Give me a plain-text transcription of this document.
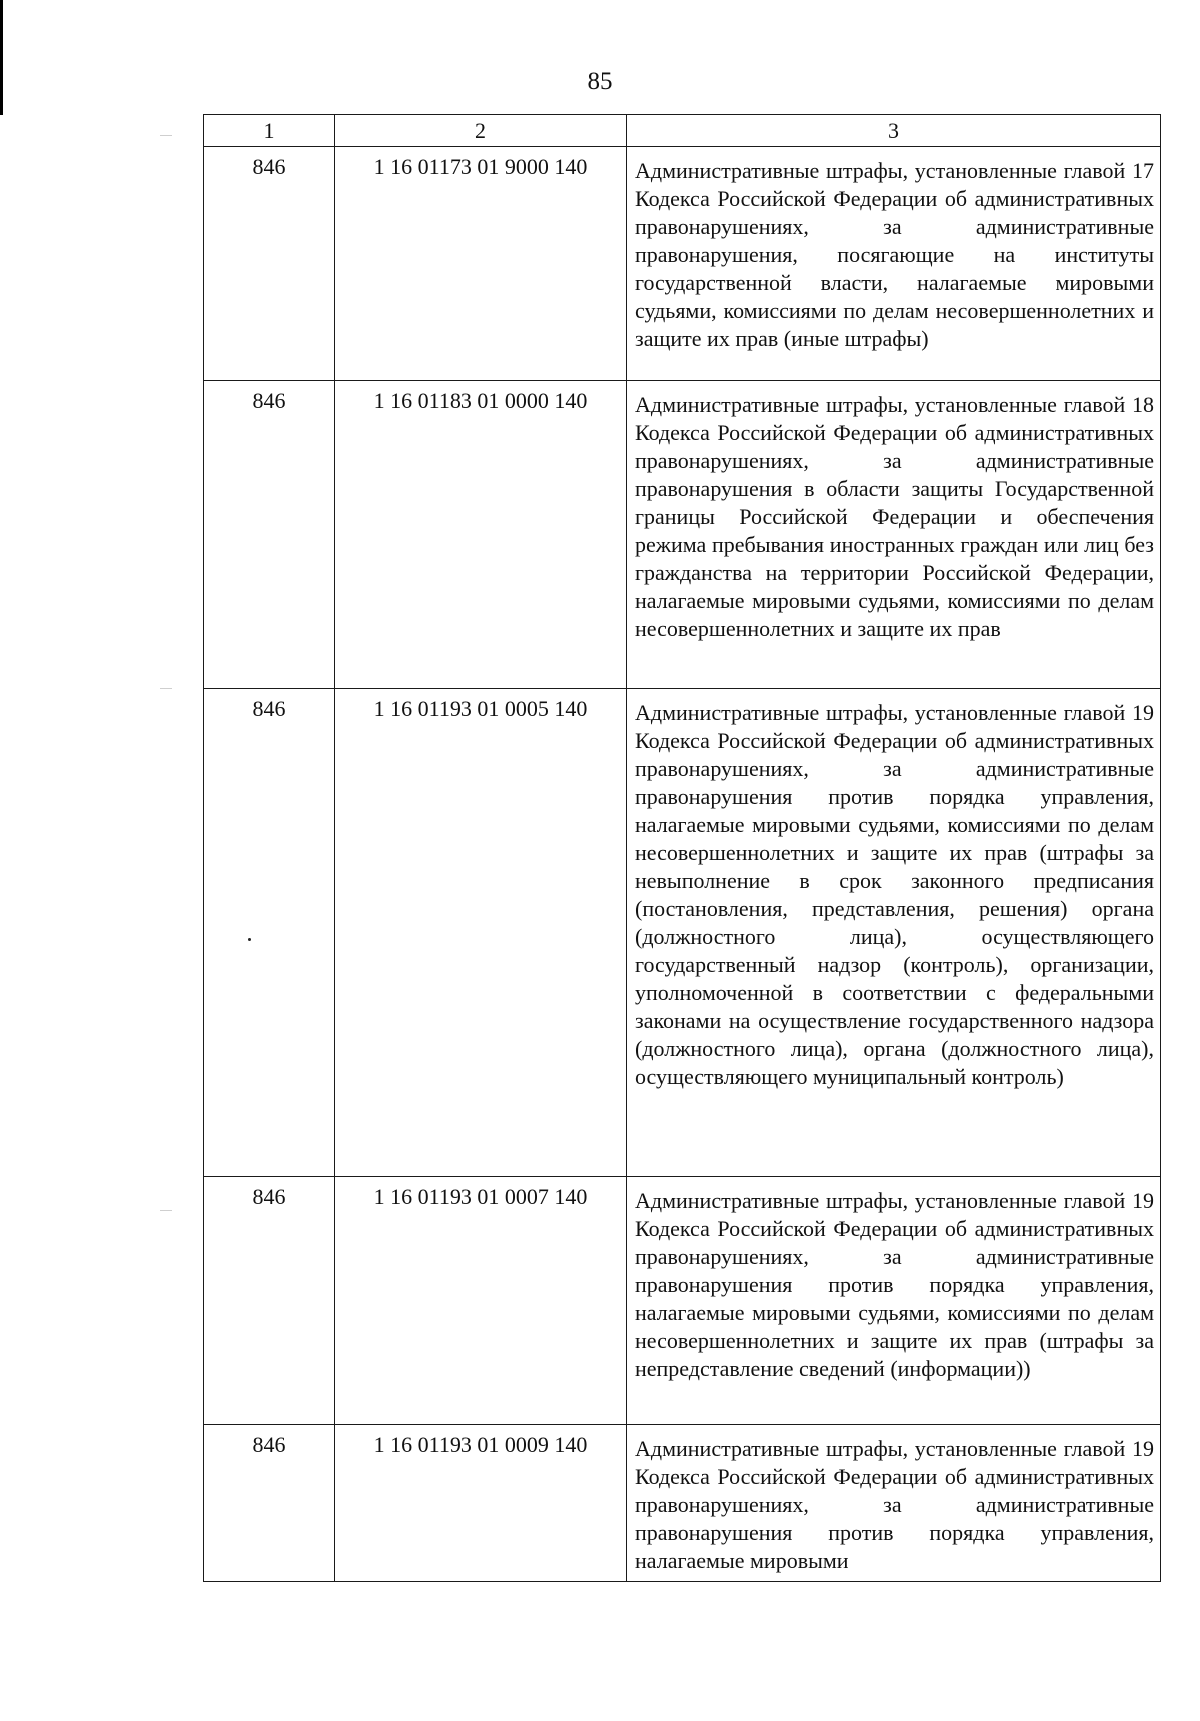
85
1	2	3
846	1 16 01173 01 9000 140	Административные штрафы, установленные главой 17 Кодекса Российской Федерации об административных правонарушениях, за административные правонарушения, посягающие на институты государственной власти, налагаемые мировыми судьями, комиссиями по делам несовершеннолетних и защите их прав (иные штрафы)
846	1 16 01183 01 0000 140	Административные штрафы, установленные главой 18 Кодекса Российской Федерации об административных правонарушениях, за административные правонарушения в области защиты Государственной границы Российской Федерации и обеспечения режима пребывания иностранных граждан или лиц без гражданства на территории Российской Федерации, налагаемые мировыми судьями, комиссиями по делам несовершеннолетних и защите их прав
846	1 16 01193 01 0005 140	Административные штрафы, установленные главой 19 Кодекса Российской Федерации об административных правонарушениях, за административные правонарушения против порядка управления, налагаемые мировыми судьями, комиссиями по делам несовершеннолетних и защите их прав (штрафы за невыполнение в срок законного предписания (постановления, представления, решения) органа (должностного лица), осуществляющего государственный надзор (контроль), организации, уполномоченной в соответствии с федеральными законами на осуществление государственного надзора (должностного лица), органа (должностного лица), осуществляющего муниципальный контроль)
846	1 16 01193 01 0007 140	Административные штрафы, установленные главой 19 Кодекса Российской Федерации об административных правонарушениях, за административные правонарушения против порядка управления, налагаемые мировыми судьями, комиссиями по делам несовершеннолетних и защите их прав (штрафы за непредставление сведений (информации))
846	1 16 01193 01 0009 140	Административные штрафы, установленные главой 19 Кодекса Российской Федерации об административных правонарушениях, за административные правонарушения против порядка управления, налагаемые мировыми
